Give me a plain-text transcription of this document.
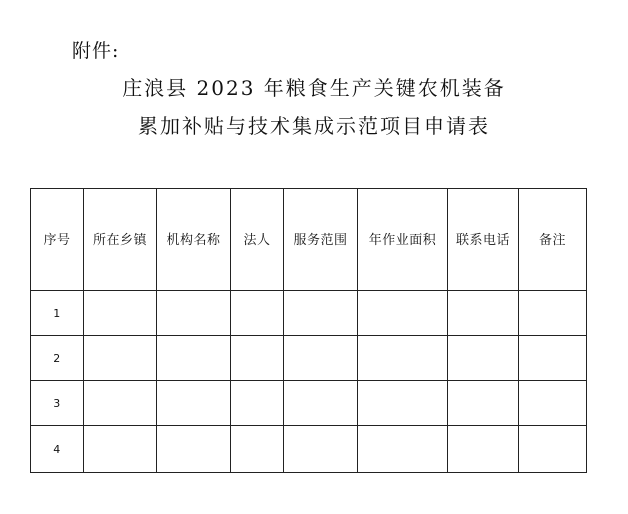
附件:
庄浪县 2023 年粮食生产关键农机装备
累加补贴与技术集成示范项目申请表
序号	所在乡镇	机构名称	法人	服务范围	年作业面积	联系电话	备注
1							
2							
3							
4							
